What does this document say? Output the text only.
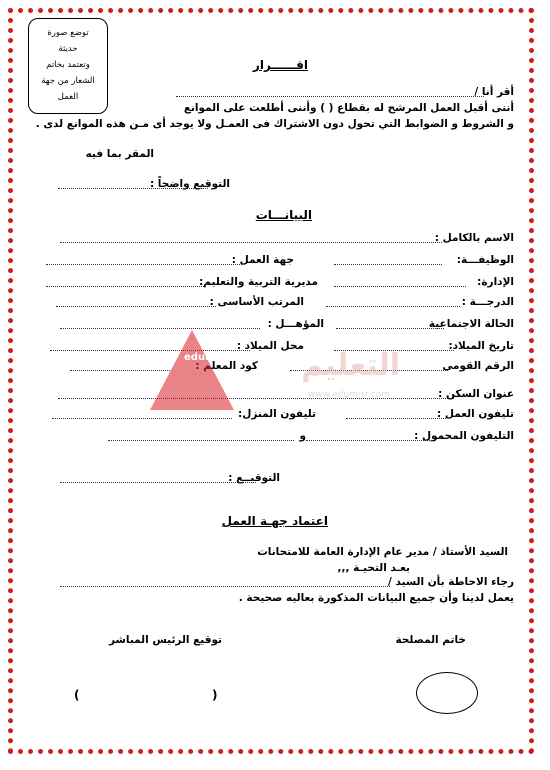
توضع صورة
حديثة
وتعتمد بخاتم
الشعار من جهة
العمل
اقــــــرار
أقر أنا /
أننى أقبل العمل المرشح له بقطاع ( ) وأننى أطلعت على الموانع
و الشروط و الضوابط التي تحول دون الاشتراك فى العمـل ولا يوجد أى مـن هذه الموانع لدى .
المقر بما فيه
التوقيع واضحاً :
البيانـــات
الاسم بالكامل :
الوظيفـــة:
جهة العمل :
الإدارة:
مديرية التربية والتعليم:
الدرجـــة :
المرتب الأساسى :
الحالة الاجتماعية
المؤهـــل :
تاريخ الميلاد:
محل الميلاد :
الرقم القومى
كود المعلم :
عنوان السكن :
تليفون العمل :
تليفون المنزل:
التليفون المحمول :
و
التوقيــع :
اعتماد جهـة العمل
السيد الأستاذ / مدير عام الإدارة العامة للامتحانات
بعـد التحيـة ,,,
رجاء الاحاطة بأن السيد /
يعمل لدينا وأن جميع البيانات المذكورة بعاليه صحيحة .
خاتم المصلحة
توقيع الرئيس المباشر
(	)
eduMisr التعليم
www.edumisr.com
